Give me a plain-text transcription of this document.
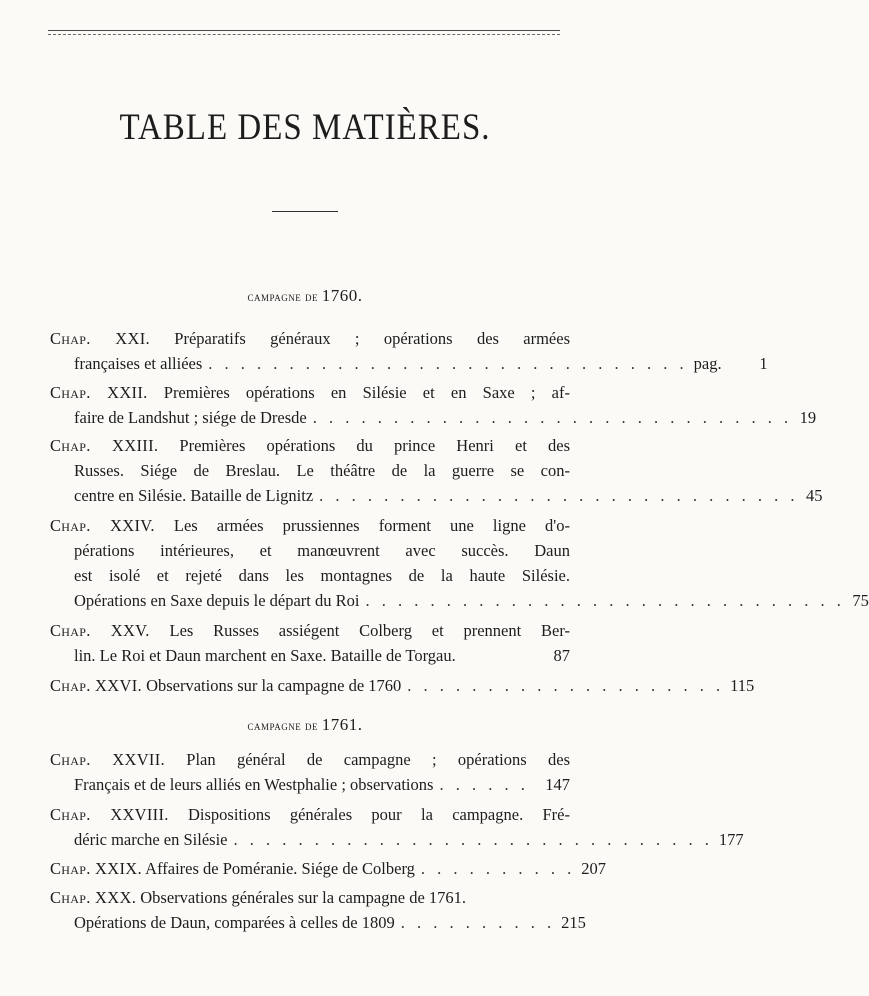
TABLE DES MATIÈRES.
campagne de 1760.
Chap. XXI. Préparatifs généraux ; opérations des armées
françaises et alliées . . . . . . . . . . . . . . . . . . . . . . . . . . . . . . pag.	1
Chap. XXII. Premières opérations en Silésie et en Saxe ; af-
faire de Landshut ; siége de Dresde . . . . . . . . . . . . . . . . . . . . . . . . . . . . . . 19
Chap. XXIII. Premières opérations du prince Henri et des
Russes. Siége de Breslau. Le théâtre de la guerre se con-
centre en Silésie. Bataille de Lignitz . . . . . . . . . . . . . . . . . . . . . . . . . . . . . . 45
Chap. XXIV. Les armées prussiennes forment une ligne d'o-
pérations intérieures, et manœuvrent avec succès. Daun
est isolé et rejeté dans les montagnes de la haute Silésie.
Opérations en Saxe depuis le départ du Roi . . . . . . . . . . . . . . . . . . . . . . . . . . . . . . 75
Chap. XXV. Les Russes assiégent Colberg et prennent Ber-
lin. Le Roi et Daun marchent en Saxe. Bataille de Torgau.	87
Chap. XXVI. Observations sur la campagne de 1760 . . . . . . . . . . . . . . . . . . . . 115
campagne de 1761.
Chap. XXVII. Plan général de campagne ; opérations des
Français et de leurs alliés en Westphalie ; observations . . . . . . 147
Chap. XXVIII. Dispositions générales pour la campagne. Fré-
déric marche en Silésie . . . . . . . . . . . . . . . . . . . . . . . . . . . . . . 177
Chap. XXIX. Affaires de Poméranie. Siége de Colberg . . . . . . . . . . 207
Chap. XXX. Observations générales sur la campagne de 1761.
Opérations de Daun, comparées à celles de 1809 . . . . . . . . . . 215
